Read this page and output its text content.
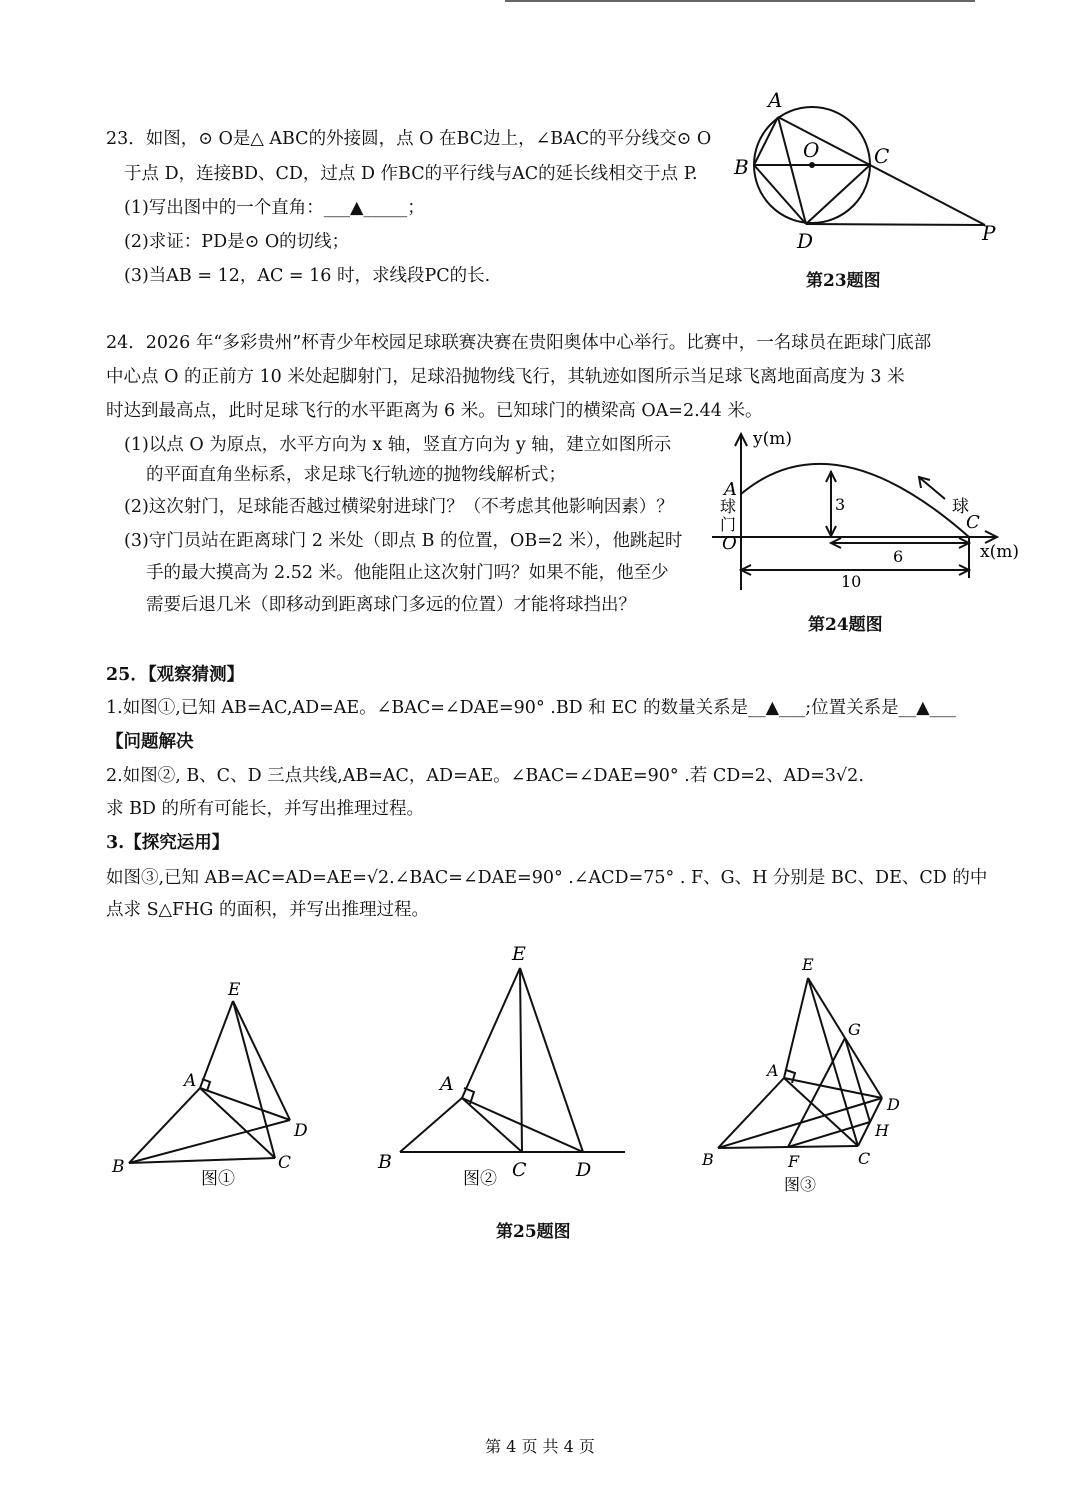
23．如图，⊙ O是△ ABC的外接圆，点 O 在BC边上，∠BAC的平分线交⊙ O
于点 D，连接BD、CD，过点 D 作BC的平行线与AC的延长线相交于点 P.
(1)写出图中的一个直角：___▲_____；
(2)求证：PD是⊙ O的切线；
(3)当AB = 12，AC = 16 时，求线段PC的长.
A
B
O	C
D	P
第23题图
24．2026 年“多彩贵州”杯青少年校园足球联赛决赛在贵阳奥体中心举行。比赛中，一名球员在距球门底部
中心点 O 的正前方 10 米处起脚射门，足球沿抛物线飞行，其轨迹如图所示当足球飞离地面高度为 3 米
时达到最高点，此时足球飞行的水平距离为 6 米。已知球门的横梁高 OA=2.44 米。
(1)以点 O 为原点，水平方向为 x 轴，竖直方向为 y 轴，建立如图所示
的平面直角坐标系，求足球飞行轨迹的抛物线解析式；
(2)这次射门，足球能否越过横梁射进球门？（不考虑其他影响因素）？
(3)守门员站在距离球门 2 米处（即点 B 的位置，OB=2 米），他跳起时
手的最大摸高为 2.52 米。他能阻止这次射门吗？如果不能，他至少
需要后退几米（即移动到距离球门多远的位置）才能将球挡出？
y(m)
x(m)
A
球
门
O
C
球
3
6
10
第24题图
25．【观察猜测】
1.如图①,已知 AB=AC,AD=AE。∠BAC=∠DAE=90° .BD 和 EC 的数量关系是__▲___;位置关系是__▲___
【问题解决
2.如图②, B、C、D 三点共线,AB=AC，AD=AE。∠BAC=∠DAE=90° .若 CD=2、AD=3√2.
求 BD 的所有可能长，并写出推理过程。
3.【探究运用】
如图③,已知 AB=AC=AD=AE=√2.∠BAC=∠DAE=90° .∠ACD=75° . F、G、H 分别是 BC、DE、CD 的中
点求 S△FHG 的面积，并写出推理过程。
E
A
D
B	C
图①
E
A
B	C	D
图②
E
G
A
D
H
B	F	C
图③
第25题图
第 4 页 共 4 页
